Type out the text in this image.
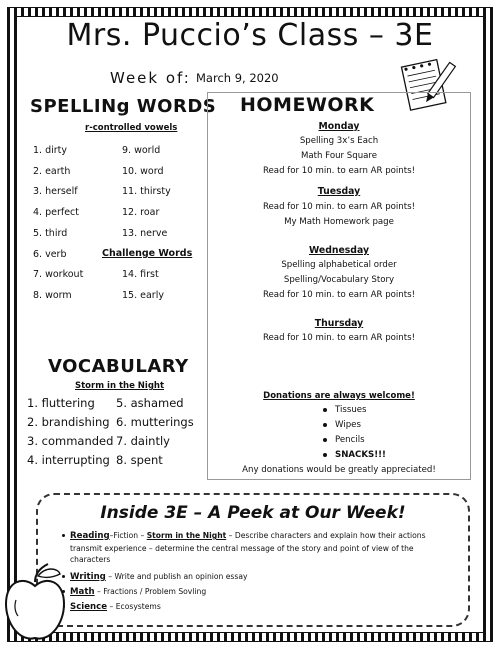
Mrs. Puccio’s Class – 3E
Week of: March 9, 2020
SPELLINg WORDS
r-controlled vowels
1. dirty
2. earth
3. herself
4. perfect
5. third
6. verb
7. workout
8. worm
9. world
10. word
11. thirsty
12. roar
13. nerve
Challenge Words
14. first
15. early
HOMEWORK
Monday
Spelling 3x’s Each
Math Four Square
Read for 10 min. to earn AR points!
Tuesday
Read for 10 min. to earn AR points!
My Math Homework page
Wednesday
Spelling alphabetical order
Spelling/Vocabulary Story
Read for 10 min. to earn AR points!
Thursday
Read for 10 min. to earn AR points!
VOCABULARY
Storm in the Night
1. fluttering
2. brandishing
3. commanded
4. interrupting
5. ashamed
6. mutterings
7. daintly
8. spent
Donations are always welcome!
Tissues
Wipes
Pencils
SNACKS!!!
Any donations would be greatly appreciated!
Inside 3E – A Peek at Our Week!
Reading–Fiction – Storm in the Night – Describe characters and explain how their actions transmit experience – determine the central message of the story and point of view of the characters
Writing – Write and publish an opinion essay
Math – Fractions / Problem Sovling
Science – Ecosystems
